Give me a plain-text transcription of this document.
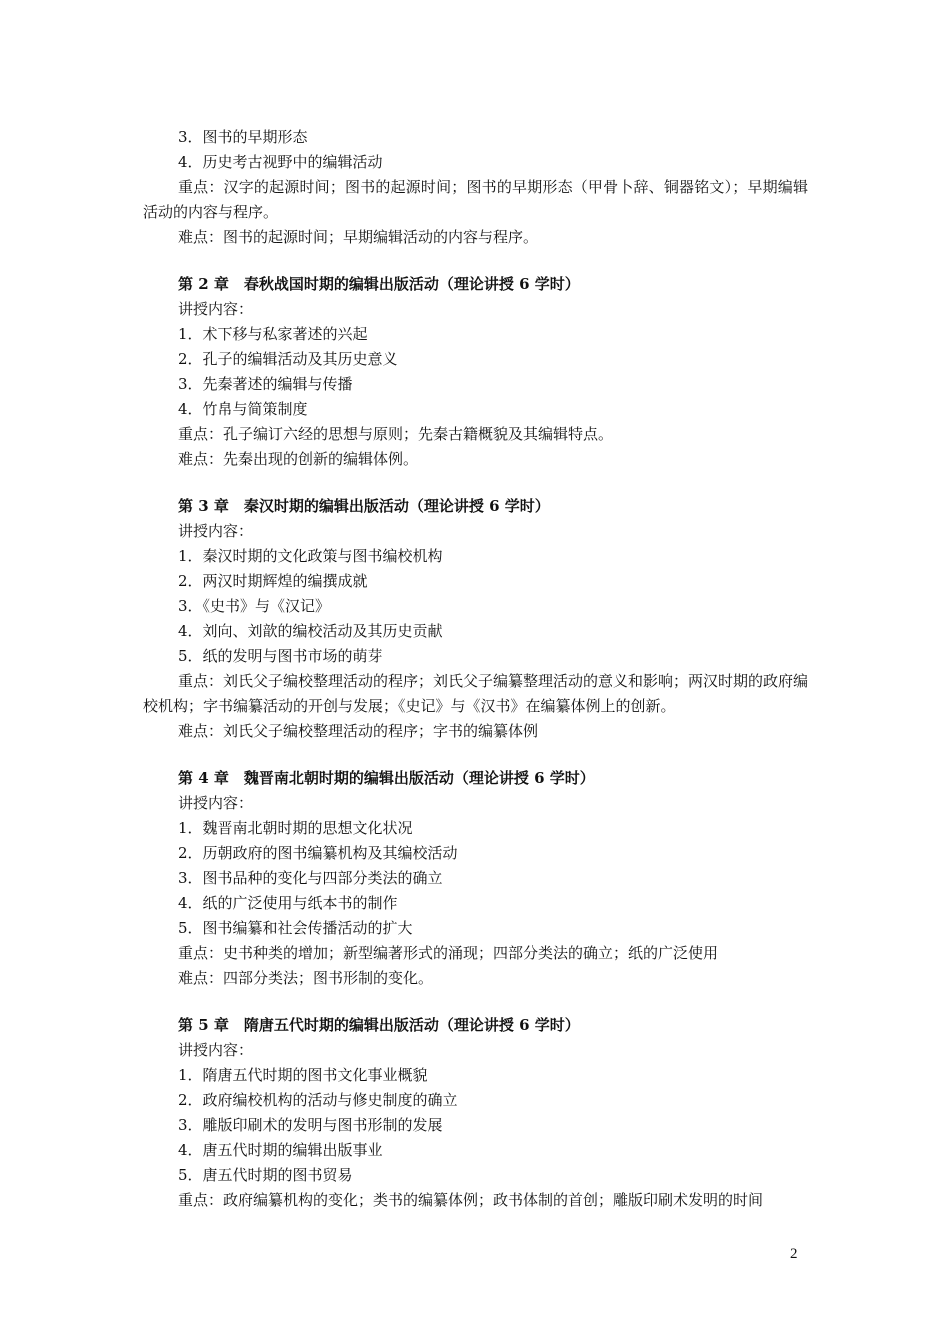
3．图书的早期形态
4．历史考古视野中的编辑活动
重点：汉字的起源时间；图书的起源时间；图书的早期形态（甲骨卜辞、铜器铭文）；早期编辑活动的内容与程序。
难点：图书的起源时间；早期编辑活动的内容与程序。
第 2 章　春秋战国时期的编辑出版活动（理论讲授 6 学时）
讲授内容：
1．术下移与私家著述的兴起
2．孔子的编辑活动及其历史意义
3．先秦著述的编辑与传播
4．竹帛与简策制度
重点：孔子编订六经的思想与原则；先秦古籍概貌及其编辑特点。
难点：先秦出现的创新的编辑体例。
第 3 章　秦汉时期的编辑出版活动（理论讲授 6 学时）
讲授内容：
1．秦汉时期的文化政策与图书编校机构
2．两汉时期辉煌的编撰成就
3．《史书》与《汉记》
4．刘向、刘歆的编校活动及其历史贡献
5．纸的发明与图书市场的萌芽
重点：刘氏父子编校整理活动的程序；刘氏父子编纂整理活动的意义和影响；两汉时期的政府编校机构；字书编纂活动的开创与发展；《史记》与《汉书》在编纂体例上的创新。
难点：刘氏父子编校整理活动的程序；字书的编纂体例
第 4 章　魏晋南北朝时期的编辑出版活动（理论讲授 6 学时）
讲授内容：
1．魏晋南北朝时期的思想文化状况
2．历朝政府的图书编纂机构及其编校活动
3．图书品种的变化与四部分类法的确立
4．纸的广泛使用与纸本书的制作
5．图书编纂和社会传播活动的扩大
重点：史书种类的增加；新型编著形式的涌现；四部分类法的确立；纸的广泛使用
难点：四部分类法；图书形制的变化。
第 5 章　隋唐五代时期的编辑出版活动（理论讲授 6 学时）
讲授内容：
1．隋唐五代时期的图书文化事业概貌
2．政府编校机构的活动与修史制度的确立
3．雕版印刷术的发明与图书形制的发展
4．唐五代时期的编辑出版事业
5．唐五代时期的图书贸易
重点：政府编纂机构的变化；类书的编纂体例；政书体制的首创；雕版印刷术发明的时间
2
